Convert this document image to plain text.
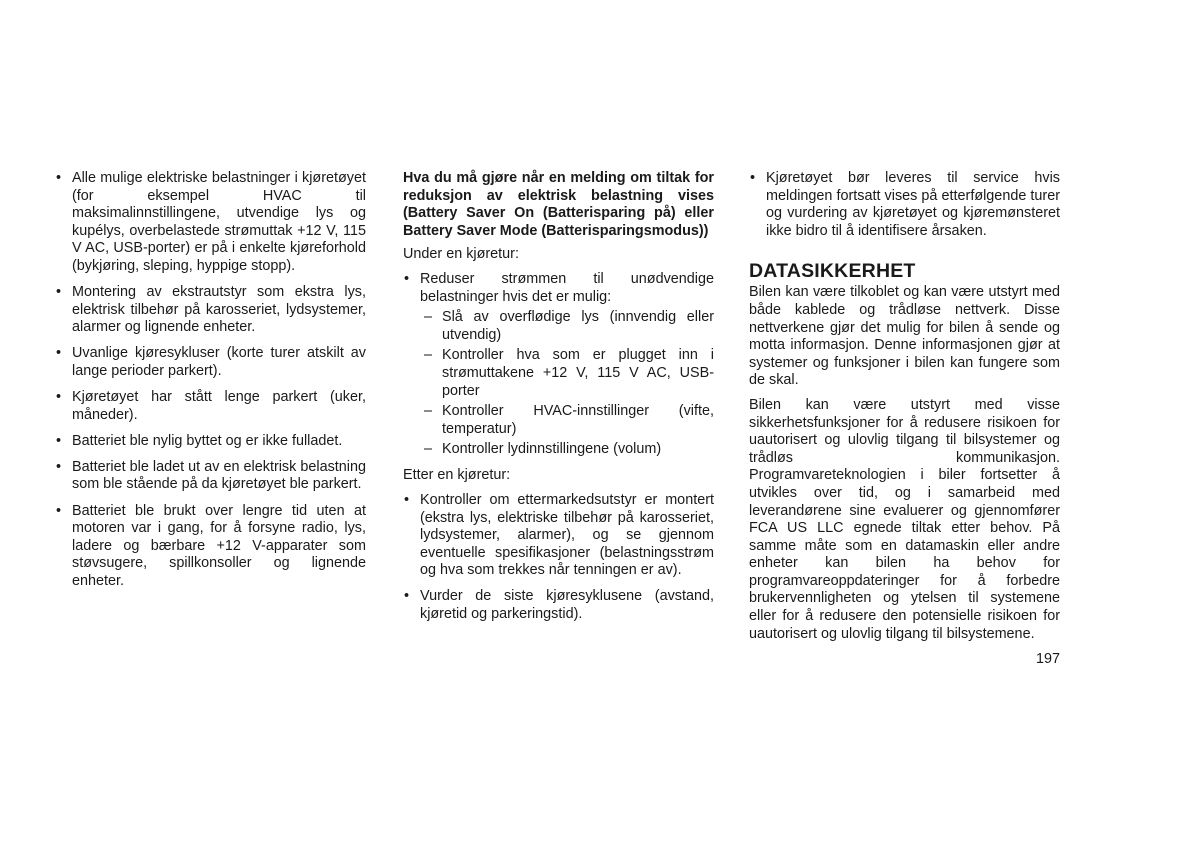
• Alle mulige elektriske belastninger i kjøretøyet (for eksempel HVAC til maksimalinnstillingene, utvendige lys og kupélys, overbelastede strømuttak +12 V, 115 V AC, USB-porter) er på i enkelte kjøreforhold (bykjøring, sleping, hyppige stopp).
• Montering av ekstrautstyr som ekstra lys, elektrisk tilbehør på karosseriet, lydsystemer, alarmer og lignende enheter.
• Uvanlige kjøresykluser (korte turer atskilt av lange perioder parkert).
• Kjøretøyet har stått lenge parkert (uker, måneder).
• Batteriet ble nylig byttet og er ikke fulladet.
• Batteriet ble ladet ut av en elektrisk belastning som ble stående på da kjøretøyet ble parkert.
• Batteriet ble brukt over lengre tid uten at motoren var i gang, for å forsyne radio, lys, ladere og bærbare +12 V-apparater som støvsugere, spillkonsoller og lignende enheter.
Hva du må gjøre når en melding om tiltak for reduksjon av elektrisk belastning vises (Battery Saver On (Batterisparing på) eller Battery Saver Mode (Batterisparingsmodus))

Under en kjøretur:

• Reduser strømmen til unødvendige belastninger hvis det er mulig:
– Slå av overflødige lys (innvendig eller utvendig)
– Kontroller hva som er plugget inn i strømuttakene +12 V, 115 V AC, USB-porter
– Kontroller HVAC-innstillinger (vifte, temperatur)
– Kontroller lydinnstillingene (volum)

Etter en kjøretur:

• Kontroller om ettermarkedsutstyr er montert (ekstra lys, elektriske tilbehør på karosseriet, lydsystemer, alarmer), og se gjennom eventuelle spesifikasjoner (belastningsstrøm og hva som trekkes når tenningen er av).
• Vurder de siste kjøresyklusene (avstand, kjøretid og parkeringstid).
• Kjøretøyet bør leveres til service hvis meldingen fortsatt vises på etterfølgende turer og vurdering av kjøretøyet og kjøremønsteret ikke bidro til å identifisere årsaken.
DATASIKKERHET

Bilen kan være tilkoblet og kan være utstyrt med både kablede og trådløse nettverk. Disse nettverkene gjør det mulig for bilen å sende og motta informasjon. Denne informasjonen gjør at systemer og funksjoner i bilen kan fungere som de skal.

Bilen kan være utstyrt med visse sikkerhetsfunksjoner for å redusere risikoen for uautorisert og ulovlig tilgang til bilsystemer og trådløs kommunikasjon. Programvareteknologien i biler fortsetter å utvikles over tid, og i samarbeid med leverandørene sine evaluerer og gjennomfører FCA US LLC egnede tiltak etter behov. På samme måte som en datamaskin eller andre enheter kan bilen ha behov for programvareoppdateringer for å forbedre brukervennligheten og ytelsen til systemene eller for å redusere den potensielle risikoen for uautorisert og ulovlig tilgang til bilsystemene.

197
